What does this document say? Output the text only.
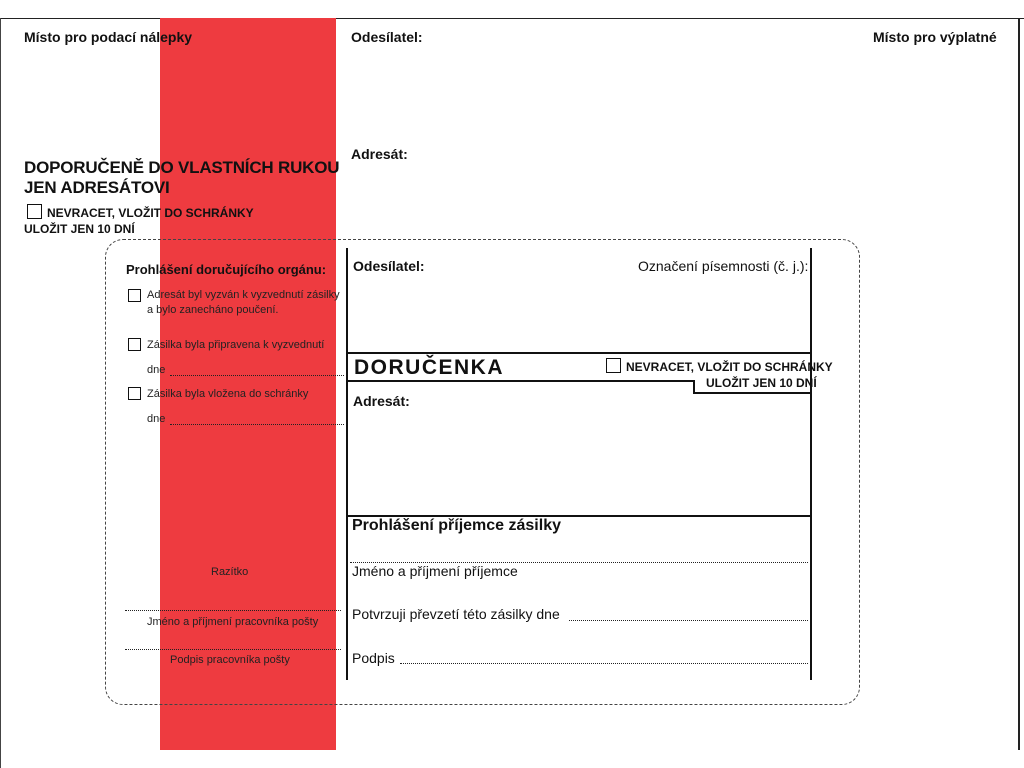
Místo pro podací nálepky	Odesílatel:	Místo pro výplatné
Adresát:
DOPORUČENĚ DO VLASTNÍCH RUKOU
JEN ADRESÁTOVI
NEVRACET, VLOŽIT DO SCHRÁNKY
ULOŽIT JEN 10 DNÍ
Prohlášení doručujícího orgánu:
Adresát byl vyzván k vyzvednutí zásilky
a bylo zanecháno poučení.
Zásilka byla připravena k vyzvednutí
dne
Zásilka byla vložena do schránky
dne
Razítko
Jméno a příjmení pracovníka pošty
Podpis pracovníka pošty
Odesílatel:	Označení písemnosti (č. j.):
DORUČENKA	NEVRACET, VLOŽIT DO SCHRÁNKY
ULOŽIT JEN 10 DNÍ
Adresát:
Prohlášení příjemce zásilky
Jméno a příjmení příjemce
Potvrzuji převzetí této zásilky dne
Podpis
